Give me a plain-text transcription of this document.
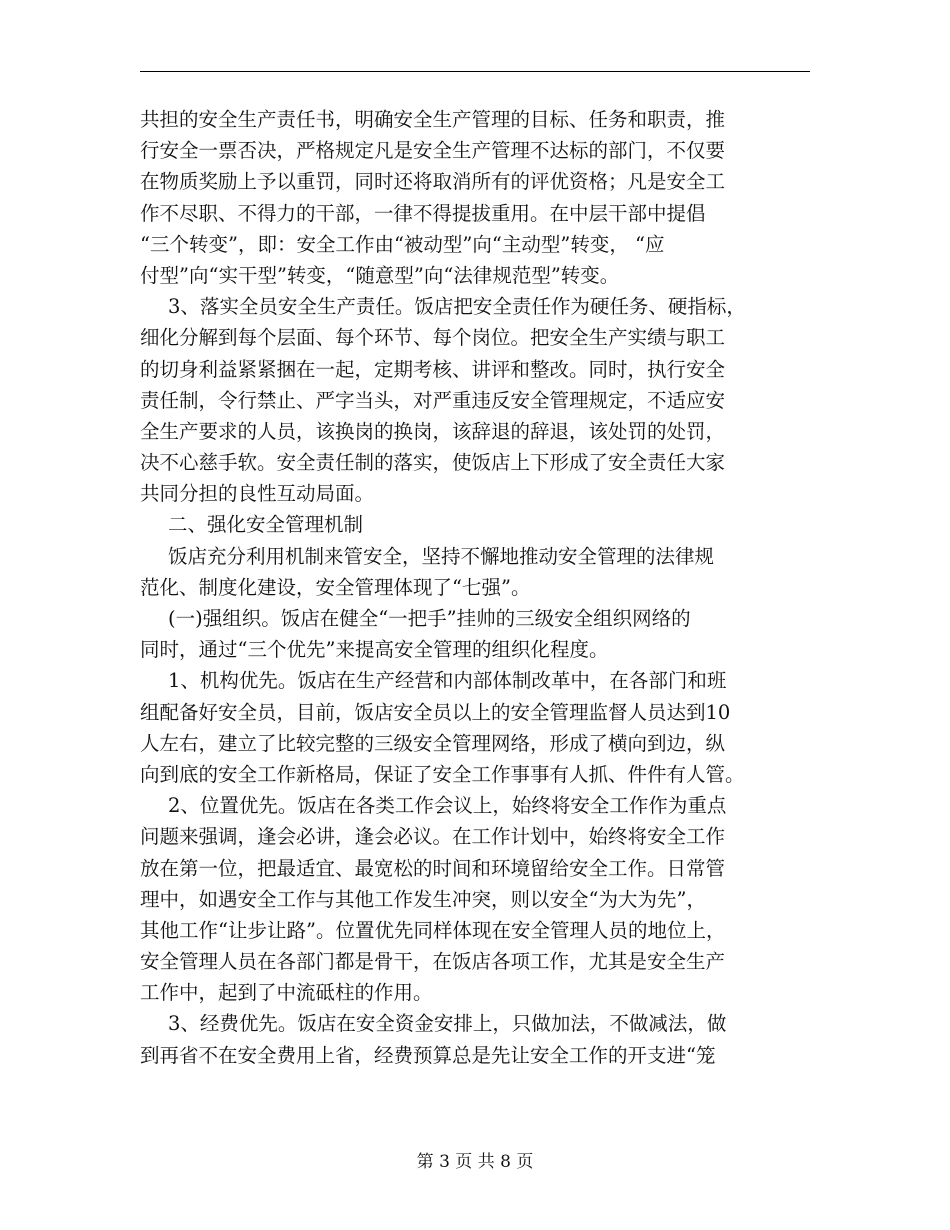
共担的安全生产责任书，明确安全生产管理的目标、任务和职责，推
行安全一票否决，严格规定凡是安全生产管理不达标的部门，不仅要
在物质奖励上予以重罚，同时还将取消所有的评优资格；凡是安全工
作不尽职、不得力的干部，一律不得提拔重用。在中层干部中提倡
“三个转变”，即：安全工作由“被动型”向“主动型”转变， “应
付型”向“实干型”转变，“随意型”向“法律规范型”转变。
3、落实全员安全生产责任。饭店把安全责任作为硬任务、硬指标，
细化分解到每个层面、每个环节、每个岗位。把安全生产实绩与职工
的切身利益紧紧捆在一起，定期考核、讲评和整改。同时，执行安全
责任制，令行禁止、严字当头，对严重违反安全管理规定，不适应安
全生产要求的人员，该换岗的换岗，该辞退的辞退，该处罚的处罚，
决不心慈手软。安全责任制的落实，使饭店上下形成了安全责任大家
共同分担的良性互动局面。
二、强化安全管理机制
饭店充分利用机制来管安全，坚持不懈地推动安全管理的法律规
范化、制度化建设，安全管理体现了“七强”。
(一)强组织。饭店在健全“一把手”挂帅的三级安全组织网络的
同时，通过“三个优先”来提高安全管理的组织化程度。
1、机构优先。饭店在生产经营和内部体制改革中，在各部门和班
组配备好安全员，目前，饭店安全员以上的安全管理监督人员达到10
人左右，建立了比较完整的三级安全管理网络，形成了横向到边，纵
向到底的安全工作新格局，保证了安全工作事事有人抓、件件有人管。
2、位置优先。饭店在各类工作会议上，始终将安全工作作为重点
问题来强调，逢会必讲，逢会必议。在工作计划中，始终将安全工作
放在第一位，把最适宜、最宽松的时间和环境留给安全工作。日常管
理中，如遇安全工作与其他工作发生冲突，则以安全“为大为先”，
其他工作“让步让路”。位置优先同样体现在安全管理人员的地位上，
安全管理人员在各部门都是骨干，在饭店各项工作，尤其是安全生产
工作中，起到了中流砥柱的作用。
3、经费优先。饭店在安全资金安排上，只做加法，不做减法，做
到再省不在安全费用上省，经费预算总是先让安全工作的开支进“笼
第 3 页 共 8 页
